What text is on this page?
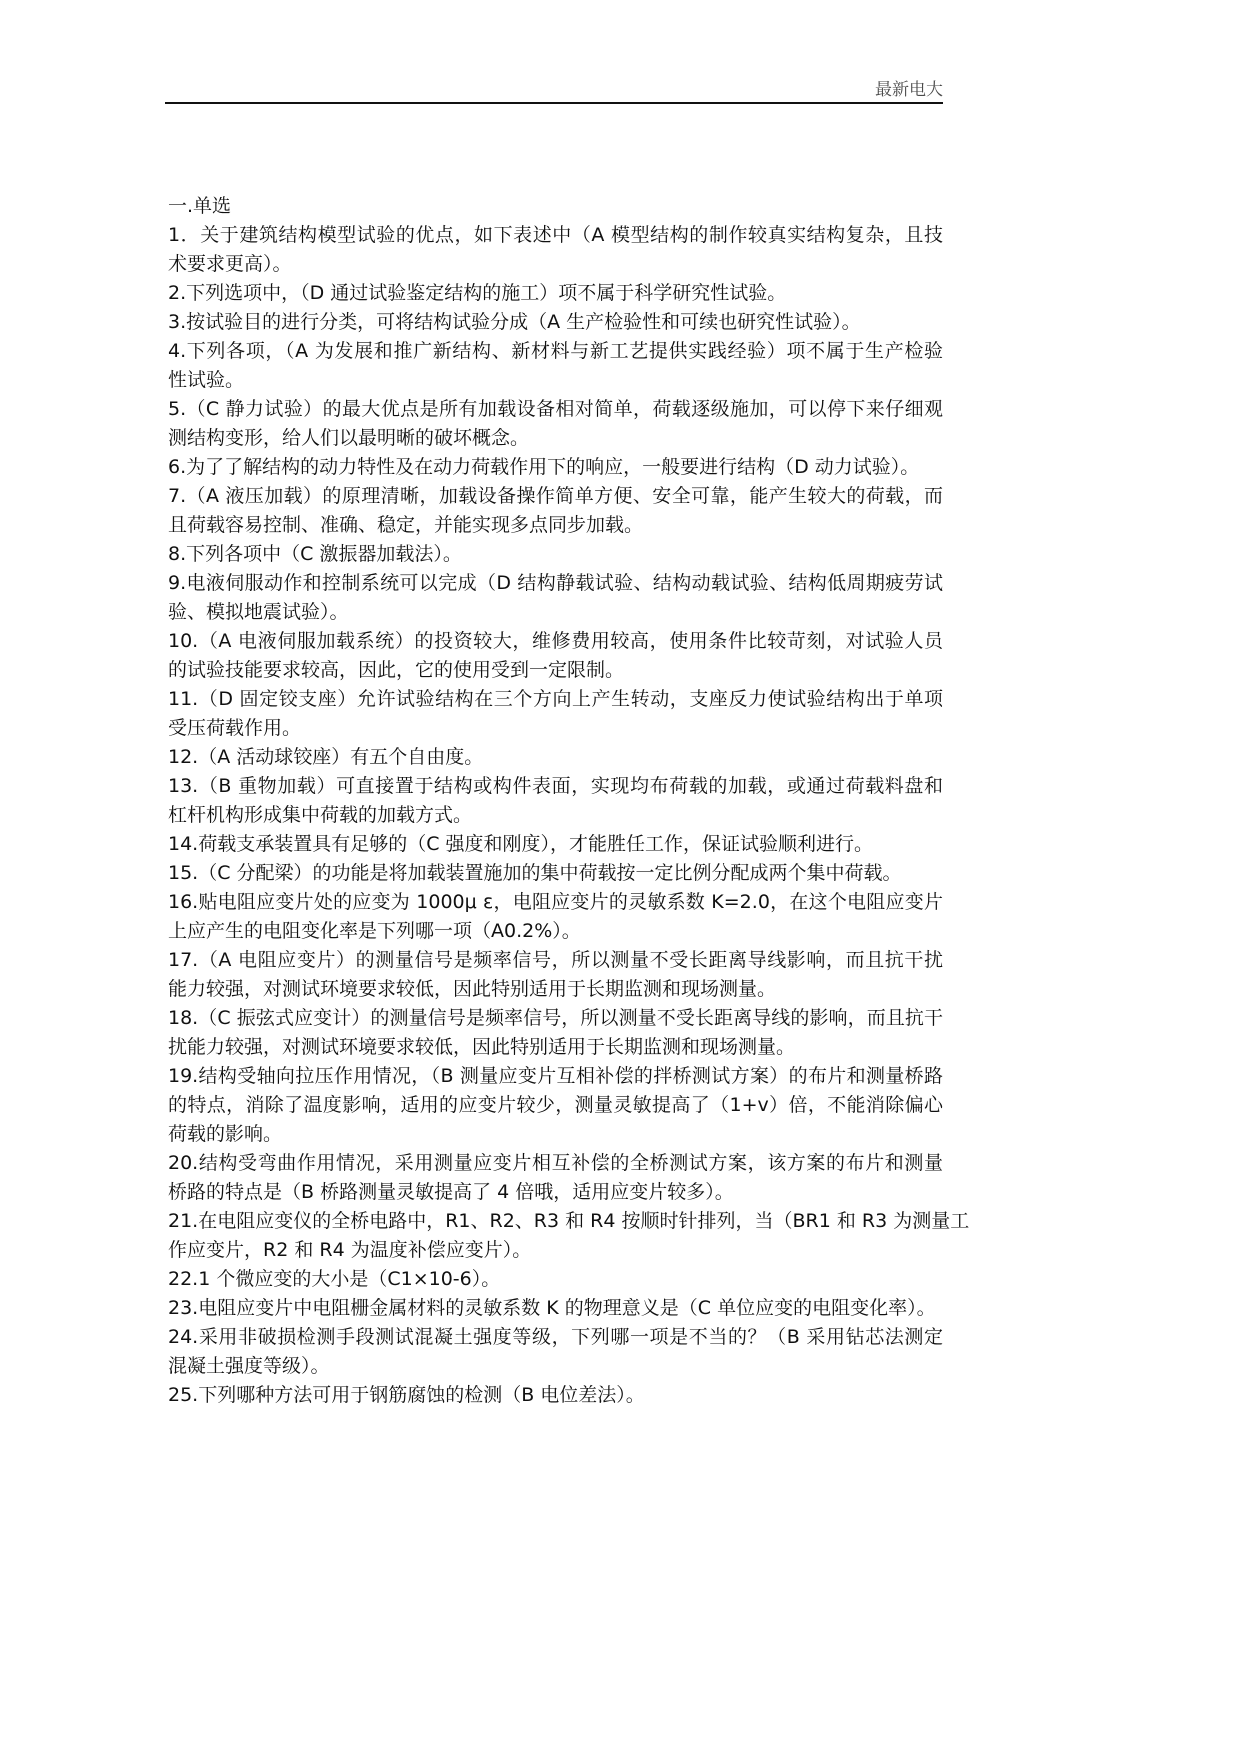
最新电大
一.单选
1．关于建筑结构模型试验的优点，如下表述中（A 模型结构的制作较真实结构复杂，且技
术要求更高）。
2.下列选项中，（D 通过试验鉴定结构的施工）项不属于科学研究性试验。
3.按试验目的进行分类，可将结构试验分成（A 生产检验性和可续也研究性试验）。
4.下列各项，（A 为发展和推广新结构、新材料与新工艺提供实践经验）项不属于生产检验
性试验。
5.（C 静力试验）的最大优点是所有加载设备相对简单，荷载逐级施加，可以停下来仔细观
测结构变形，给人们以最明晰的破坏概念。
6.为了了解结构的动力特性及在动力荷载作用下的响应，一般要进行结构（D 动力试验）。
7.（A 液压加载）的原理清晰，加载设备操作简单方便、安全可靠，能产生较大的荷载，而
且荷载容易控制、准确、稳定，并能实现多点同步加载。
8.下列各项中（C 激振器加载法）。
9.电液伺服动作和控制系统可以完成（D 结构静载试验、结构动载试验、结构低周期疲劳试
验、模拟地震试验）。
10.（A 电液伺服加载系统）的投资较大，维修费用较高，使用条件比较苛刻，对试验人员
的试验技能要求较高，因此，它的使用受到一定限制。
11.（D 固定铰支座）允许试验结构在三个方向上产生转动，支座反力使试验结构出于单项
受压荷载作用。
12.（A 活动球铰座）有五个自由度。
13.（B 重物加载）可直接置于结构或构件表面，实现均布荷载的加载，或通过荷载料盘和
杠杆机构形成集中荷载的加载方式。
14.荷载支承装置具有足够的（C 强度和刚度），才能胜任工作，保证试验顺利进行。
15.（C 分配梁）的功能是将加载装置施加的集中荷载按一定比例分配成两个集中荷载。
16.贴电阻应变片处的应变为 1000μ ε，电阻应变片的灵敏系数 K=2.0，在这个电阻应变片
上应产生的电阻变化率是下列哪一项（A0.2%）。
17.（A 电阻应变片）的测量信号是频率信号，所以测量不受长距离导线影响，而且抗干扰
能力较强，对测试环境要求较低，因此特别适用于长期监测和现场测量。
18.（C 振弦式应变计）的测量信号是频率信号，所以测量不受长距离导线的影响，而且抗干
扰能力较强，对测试环境要求较低，因此特别适用于长期监测和现场测量。
19.结构受轴向拉压作用情况，（B 测量应变片互相补偿的拌桥测试方案）的布片和测量桥路
的特点，消除了温度影响，适用的应变片较少，测量灵敏提高了（1+v）倍，不能消除偏心
荷载的影响。
20.结构受弯曲作用情况，采用测量应变片相互补偿的全桥测试方案，该方案的布片和测量
桥路的特点是（B 桥路测量灵敏提高了 4 倍哦，适用应变片较多）。
21.在电阻应变仪的全桥电路中，R1、R2、R3 和 R4 按顺时针排列，当（BR1 和 R3 为测量工
作应变片，R2 和 R4 为温度补偿应变片）。
22.1 个微应变的大小是（C1×10-6）。
23.电阻应变片中电阻栅金属材料的灵敏系数 K 的物理意义是（C 单位应变的电阻变化率）。
24.采用非破损检测手段测试混凝土强度等级，下列哪一项是不当的？（B 采用钻芯法测定
混凝土强度等级）。
25.下列哪种方法可用于钢筋腐蚀的检测（B 电位差法）。
